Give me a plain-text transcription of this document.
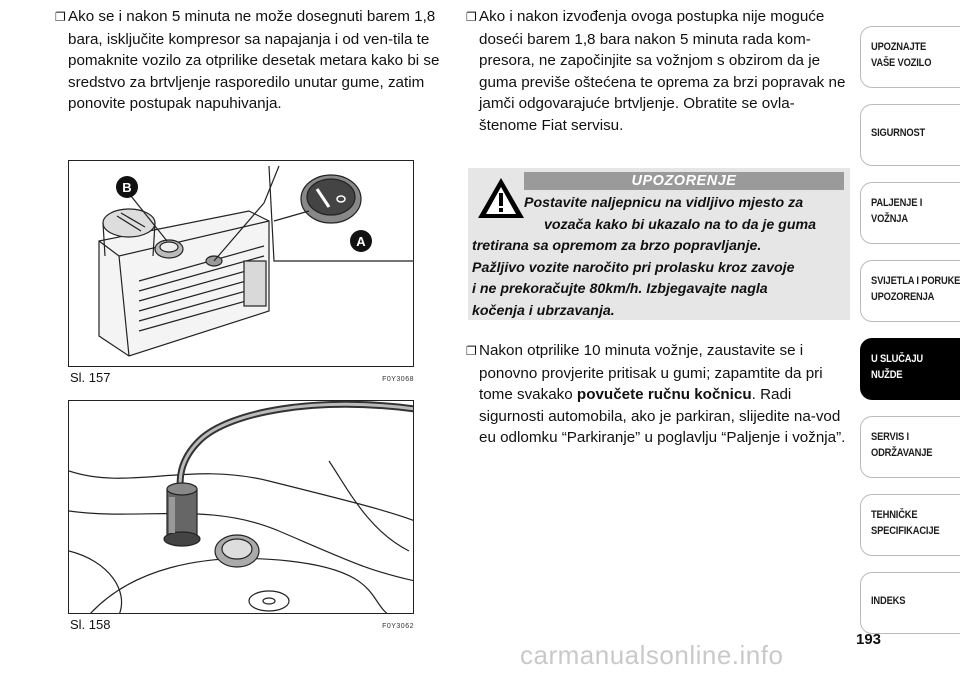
❐ Ako se i nakon 5 minuta ne može dosegnuti barem 1,8 bara, isključite kompresor sa napajanja i od ven-tila te pomaknite vozilo za otprilike desetak metara kako bi se sredstvo za brtvljenje rasporedilo unutar gume, zatim ponovite postupak napuhivanja.

B
A
Sl. 157	F0Y3068
Sl. 158	F0Y3062

❐ Ako i nakon izvođenja ovoga postupka nije moguće doseći barem 1,8 bara nakon 5 minuta rada kom-presora, ne započinjite sa vožnjom s obzirom da je guma previše oštećena te oprema za brzi popravak ne jamči odgovarajuće brtvljenje. Obratite se ovla-štenome Fiat servisu.

UPOZORENJE
Postavite naljepnicu na vidljivo mjesto za
vozača kako bi ukazalo na to da je guma
tretirana sa opremom za brzo popravljanje.
Pažljivo vozite naročito pri prolasku kroz zavoje
i ne prekoračujte 80km/h. Izbjegavajte nagla
kočenja i ubrzavanja.

❐ Nakon otprilike 10 minuta vožnje, zaustavite se i ponovno provjerite pritisak u gumi; zapamtite da pri tome svakako povučete ručnu kočnicu. Radi sigurnosti automobila, ako je parkiran, slijedite na-vod eu odlomku “Parkiranje” u poglavlju “Paljenje i vožnja”.

UPOZNAJTE
VAŠE VOZILO
SIGURNOST
PALJENJE I
VOŽNJA
SVIJETLA I PORUKE
UPOZORENJA
U SLUČAJU
NUŽDE
SERVIS I
ODRŽAVANJE
TEHNIČKE
SPECIFIKACIJE
INDEKS
193
carmanualsonline.info
